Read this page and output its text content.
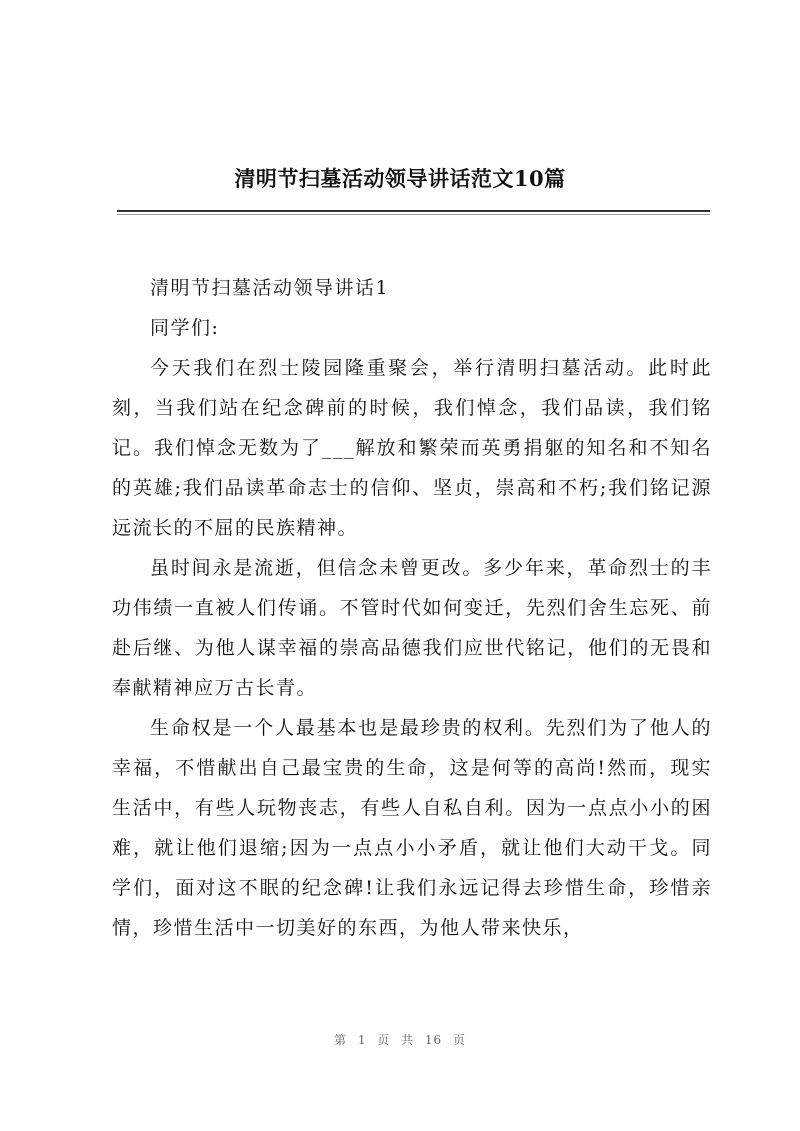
清明节扫墓活动领导讲话范文10篇

清明节扫墓活动领导讲话1

同学们:

今天我们在烈士陵园隆重聚会，举行清明扫墓活动。此时此刻，当我们站在纪念碑前的时候，我们悼念，我们品读，我们铭记。我们悼念无数为了___解放和繁荣而英勇捐躯的知名和不知名的英雄;我们品读革命志士的信仰、坚贞，崇高和不朽;我们铭记源远流长的不屈的民族精神。

虽时间永是流逝，但信念未曾更改。多少年来，革命烈士的丰功伟绩一直被人们传诵。不管时代如何变迁，先烈们舍生忘死、前赴后继、为他人谋幸福的崇高品德我们应世代铭记，他们的无畏和奉献精神应万古长青。

生命权是一个人最基本也是最珍贵的权利。先烈们为了他人的幸福，不惜献出自己最宝贵的生命，这是何等的高尚!然而，现实生活中，有些人玩物丧志，有些人自私自利。因为一点点小小的困难，就让他们退缩;因为一点点小小矛盾，就让他们大动干戈。同学们，面对这不眠的纪念碑!让我们永远记得去珍惜生命，珍惜亲情，珍惜生活中一切美好的东西，为他人带来快乐，

第 1 页 共 16 页
